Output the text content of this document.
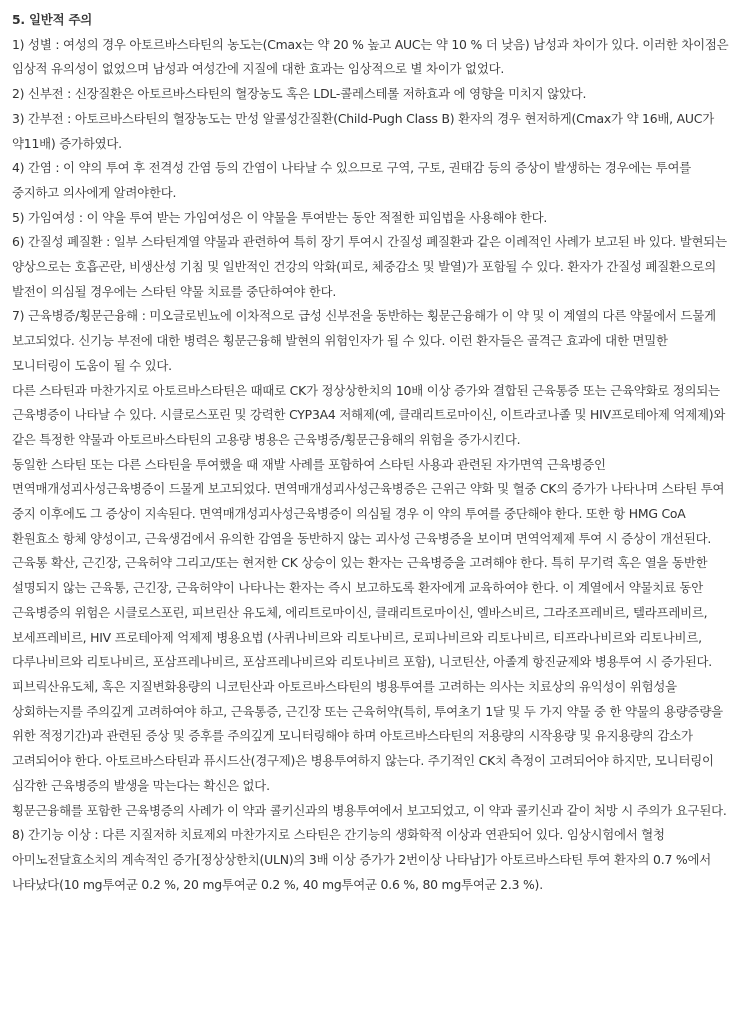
5. 일반적 주의

1) 성별 : 여성의 경우 아토르바스타틴의 농도는(Cmax는 약 20 % 높고 AUC는 약 10 % 더 낮음) 남성과 차이가 있다. 이러한 차이점은 임상적 유의성이 없었으며 남성과 여성간에 지질에 대한 효과는 임상적으로 별 차이가 없었다.

2) 신부전 : 신장질환은 아토르바스타틴의 혈장농도 혹은 LDL-콜레스테롤 저하효과 에 영향을 미치지 않았다.

3) 간부전 : 아토르바스타틴의 혈장농도는 만성 알콜성간질환(Child-Pugh Class B) 환자의 경우 현저하게(Cmax가 약 16배, AUC가 약11배) 증가하였다.

4) 간염 : 이 약의 투여 후 전격성 간염 등의 간염이 나타날 수 있으므로 구역, 구토, 권태감 등의 증상이 발생하는 경우에는 투여를 중지하고 의사에게 알려야한다.

5) 가임여성 : 이 약을 투여 받는 가임여성은 이 약물을 투여받는 동안 적절한 피임법을 사용해야 한다.

6) 간질성 폐질환 : 일부 스타틴계열 약물과 관련하여 특히 장기 투여시 간질성 폐질환과 같은 이례적인 사례가 보고된 바 있다. 발현되는 양상으로는 호흡곤란, 비생산성 기침 및 일반적인 건강의 악화(피로, 체중감소 및 발열)가 포함될 수 있다. 환자가 간질성 폐질환으로의 발전이 의심될 경우에는 스타틴 약물 치료를 중단하여야 한다.

7) 근육병증/횡문근융해 : 미오글로빈뇨에 이차적으로 급성 신부전을 동반하는 횡문근융해가 이 약 및 이 계열의 다른 약물에서 드물게 보고되었다. 신기능 부전에 대한 병력은 횡문근융해 발현의 위험인자가 될 수 있다. 이런 환자들은 골격근 효과에 대한 면밀한 모니터링이 도움이 될 수 있다.

다른 스타틴과 마찬가지로 아토르바스타틴은 때때로 CK가 정상상한치의 10배 이상 증가와 결합된 근육통증 또는 근육약화로 정의되는 근육병증이 나타날 수 있다. 시클로스포린 및 강력한 CYP3A4 저해제(예, 클래리트로마이신, 이트라코나졸 및 HIV프로테아제 억제제)와 같은 특정한 약물과 아토르바스타틴의 고용량 병용은 근육병증/횡문근융해의 위험을 증가시킨다.

동일한 스타틴 또는 다른 스타틴을 투여했을 때 재발 사례를 포함하여 스타틴 사용과 관련된 자가면역 근육병증인 면역매개성괴사성근육병증이 드물게 보고되었다. 면역매개성괴사성근육병증은 근위근 약화 및 혈중 CK의 증가가 나타나며 스타틴 투여 중지 이후에도 그 증상이 지속된다. 면역매개성괴사성근육병증이 의심될 경우 이 약의 투여를 중단해야 한다. 또한 항 HMG CoA 환원효소 항체 양성이고, 근육생검에서 유의한 감염을 동반하지 않는 괴사성 근육병증을 보이며 면역억제제 투여 시 증상이 개선된다.

근육통 확산, 근긴장, 근육허약 그리고/또는 현저한 CK 상승이 있는 환자는 근육병증을 고려해야 한다. 특히 무기력 혹은 열을 동반한 설명되지 않는 근육통, 근긴장, 근육허약이 나타나는 환자는 즉시 보고하도록 환자에게 교육하여야 한다. 이 계열에서 약물치료 동안 근육병증의 위험은 시클로스포린, 피브린산 유도체, 에리트로마이신, 클래리트로마이신, 엘바스비르, 그라조프레비르, 텔라프레비르, 보세프레비르, HIV 프로테아제 억제제 병용요법 (사퀴나비르와 리토나비르, 로피나비르와 리토나비르, 티프라나비르와 리토나비르, 다루나비르와 리토나비르, 포삼프레나비르, 포삼프레나비르와 리토나비르 포함), 니코틴산, 아졸계 항진균제와 병용투여 시 증가된다. 피브릭산유도체, 혹은 지질변화용량의 니코틴산과 아토르바스타틴의 병용투여를 고려하는 의사는 치료상의 유익성이 위험성을 상회하는지를 주의깊게 고려하여야 하고, 근육통증, 근긴장 또는 근육허약(특히, 투여초기 1달 및 두 가지 약물 중 한 약물의 용량증량을 위한 적정기간)과 관련된 증상 및 증후를 주의깊게 모니터링해야 하며 아토르바스타틴의 저용량의 시작용량 및 유지용량의 감소가 고려되어야 한다. 아토르바스타틴과 퓨시드산(경구제)은 병용투여하지 않는다. 주기적인 CK치 측정이 고려되어야 하지만, 모니터링이 심각한 근육병증의 발생을 막는다는 확신은 없다.

횡문근융해를 포함한 근육병증의 사례가 이 약과 콜키신과의 병용투여에서 보고되었고, 이 약과 콜키신과 같이 처방 시 주의가 요구된다.

8) 간기능 이상 : 다른 지질저하 치료제외 마찬가지로 스타틴은 간기능의 생화학적 이상과 연관되어 있다. 임상시험에서 혈청 아미노전달효소치의 계속적인 증가[정상상한치(ULN)의 3배 이상 증가가 2번이상 나타남]가 아토르바스타틴 투여 환자의 0.7 %에서 나타났다(10 mg투여군 0.2 %, 20 mg투여군 0.2 %, 40 mg투여군 0.6 %, 80 mg투여군 2.3 %).
